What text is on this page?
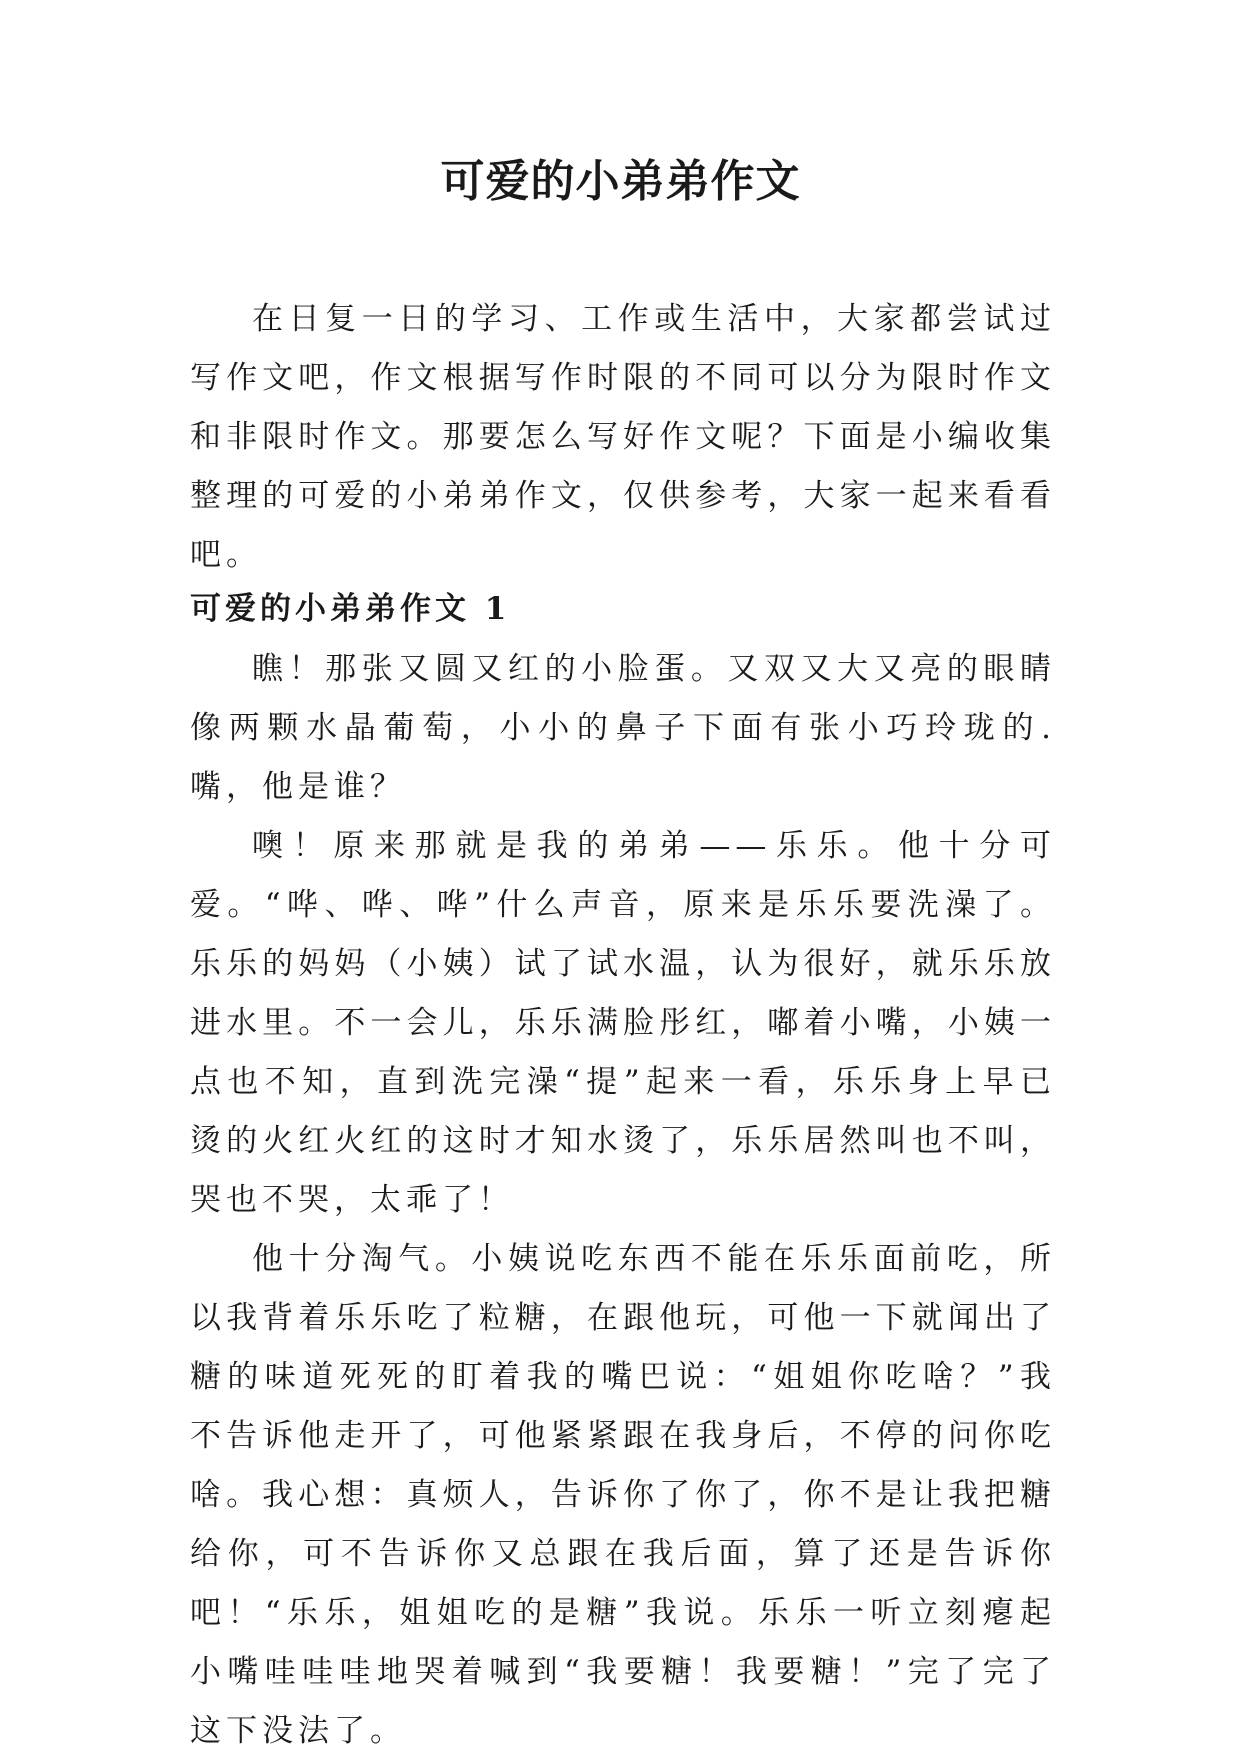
可爱的小弟弟作文

在日复一日的学习、工作或生活中，大家都尝试过写作文吧，作文根据写作时限的不同可以分为限时作文和非限时作文。那要怎么写好作文呢？下面是小编收集整理的可爱的小弟弟作文，仅供参考，大家一起来看看吧。

可爱的小弟弟作文 1

瞧！那张又圆又红的小脸蛋。又双又大又亮的眼睛像两颗水晶葡萄，小小的鼻子下面有张小巧玲珑的.嘴，他是谁？

噢！原来那就是我的弟弟——乐乐。他十分可爱。“哗、哗、哗”什么声音，原来是乐乐要洗澡了。乐乐的妈妈（小姨）试了试水温，认为很好，就乐乐放进水里。不一会儿，乐乐满脸彤红，嘟着小嘴，小姨一点也不知，直到洗完澡“提”起来一看，乐乐身上早已烫的火红火红的这时才知水烫了，乐乐居然叫也不叫，哭也不哭，太乖了！

他十分淘气。小姨说吃东西不能在乐乐面前吃，所以我背着乐乐吃了粒糖，在跟他玩，可他一下就闻出了糖的味道死死的盯着我的嘴巴说：“姐姐你吃啥？”我不告诉他走开了，可他紧紧跟在我身后，不停的问你吃啥。我心想：真烦人，告诉你了你了，你不是让我把糖给你，可不告诉你又总跟在我后面，算了还是告诉你吧！“乐乐，姐姐吃的是糖”我说。乐乐一听立刻瘪起小嘴哇哇哇地哭着喊到“我要糖！我要糖！”完了完了这下没法了。
